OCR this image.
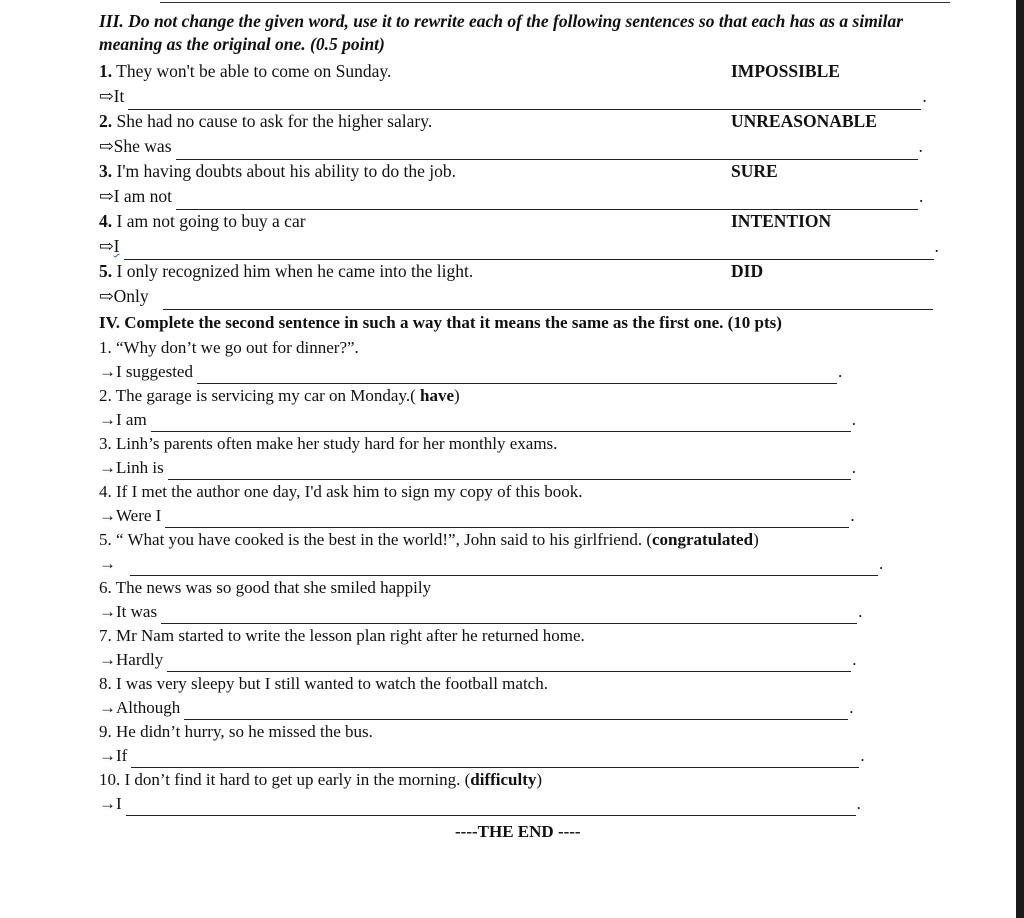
III. Do not change the given word, use it to rewrite each of the following sentences so that each has as a similar meaning as the original one. (0.5 point)
1. They won't be able to come on Sunday.	IMPOSSIBLE
⇨ It	.
2. She had no cause to ask for the higher salary.	UNREASONABLE
⇨ She was	.
3. I'm having doubts about his ability to do the job.	SURE
⇨ I am not	.
4. I am not going to buy a car	INTENTION
⇨ I	.
5. I only recognized him when he came into the light.	DID
⇨ Only
IV. Complete the second sentence in such a way that it means the same as the first one. (10 pts)
1. “Why don’t we go out for dinner?”.
→ I suggested	.
2. The garage is servicing my car on Monday.( have)
→ I am	.
3. Linh’s parents often make her study hard for her monthly exams.
→ Linh is	.
4. If I met the author one day, I'd ask him to sign my copy of this book.
→ Were I	.
5. “ What you have cooked is the best in the world!”, John said to his girlfriend. (congratulated)
→	.
6. The news was so good that she smiled happily
→ It was	.
7. Mr Nam started to write the lesson plan right after he returned home.
→ Hardly	.
8. I was very sleepy but I still wanted to watch the football match.
→ Although	.
9. He didn’t hurry, so he missed the bus.
→ If	.
10. I don’t find it hard to get up early in the morning. (difficulty)
→ I	.
----THE END ----
